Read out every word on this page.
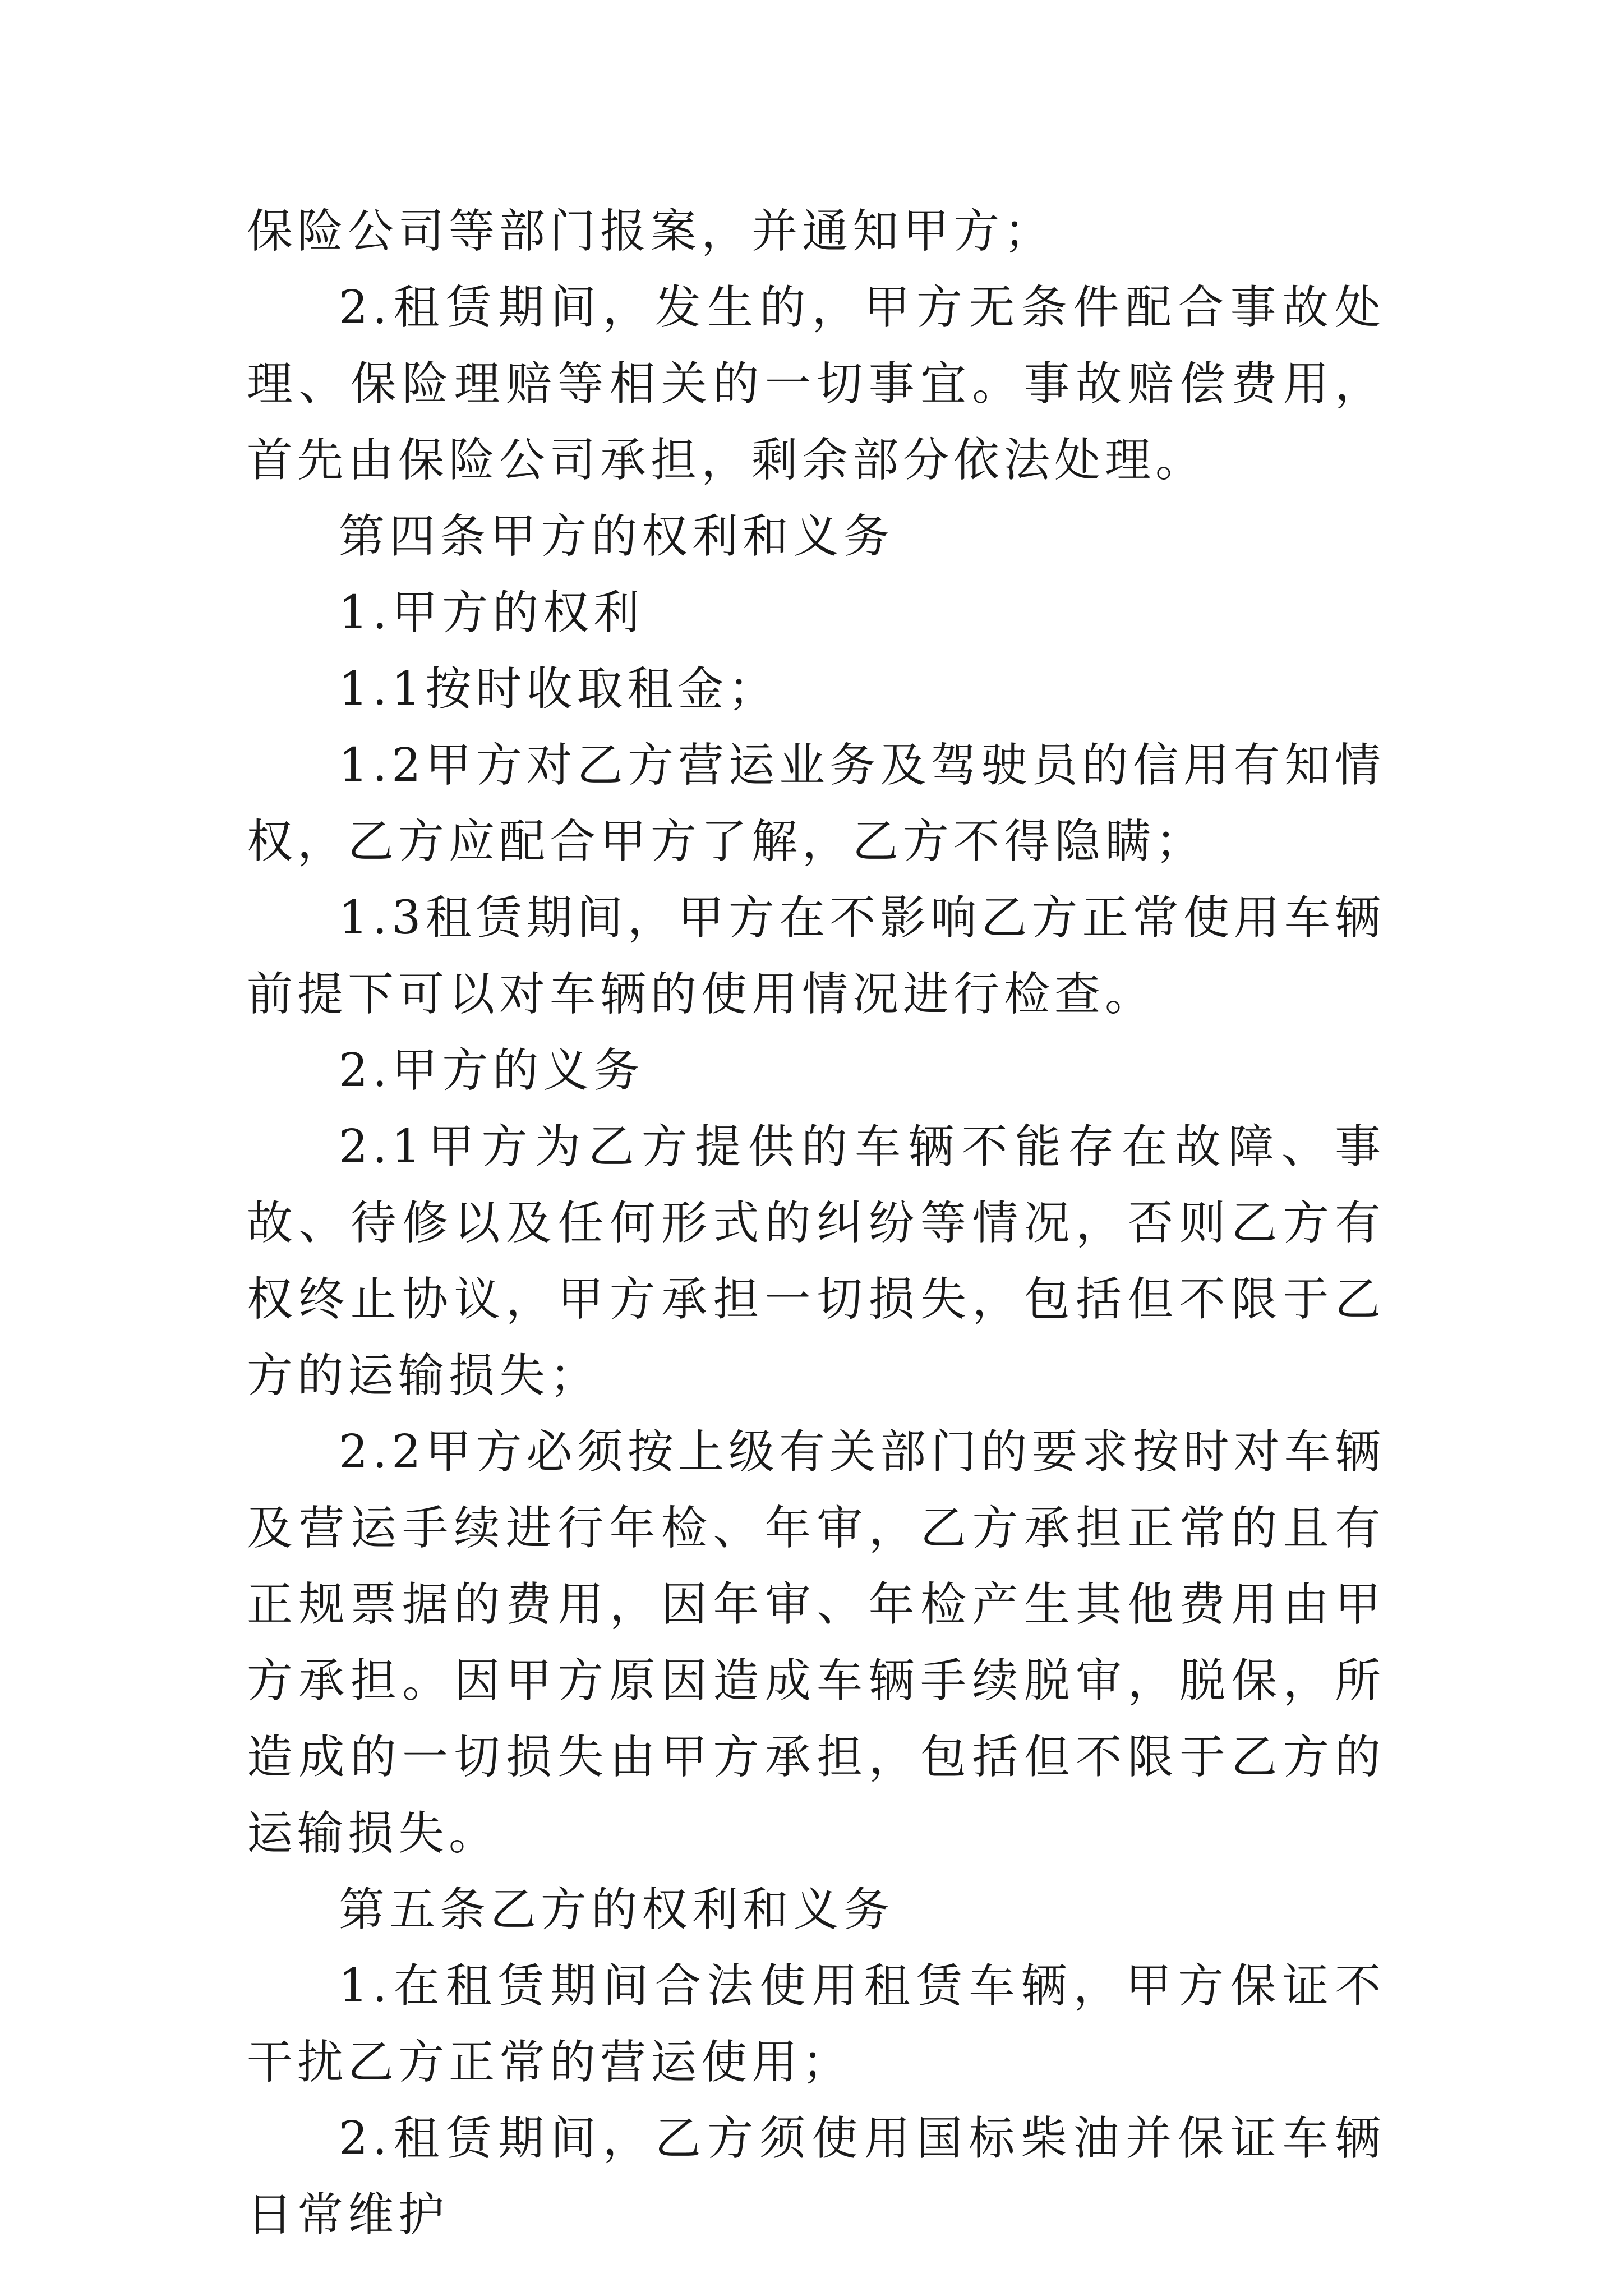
保险公司等部门报案，并通知甲方；

2.租赁期间，发生的，甲方无条件配合事故处理、保险理赔等相关的一切事宜。事故赔偿费用，首先由保险公司承担，剩余部分依法处理。

第四条甲方的权利和义务

1.甲方的权利

1.1按时收取租金；

1.2甲方对乙方营运业务及驾驶员的信用有知情权，乙方应配合甲方了解，乙方不得隐瞒；

1.3租赁期间，甲方在不影响乙方正常使用车辆前提下可以对车辆的使用情况进行检查。

2.甲方的义务

2.1甲方为乙方提供的车辆不能存在故障、事故、待修以及任何形式的纠纷等情况，否则乙方有权终止协议，甲方承担一切损失，包括但不限于乙方的运输损失；

2.2甲方必须按上级有关部门的要求按时对车辆及营运手续进行年检、年审，乙方承担正常的且有正规票据的费用，因年审、年检产生其他费用由甲方承担。因甲方原因造成车辆手续脱审，脱保，所造成的一切损失由甲方承担，包括但不限于乙方的运输损失。

第五条乙方的权利和义务

1.在租赁期间合法使用租赁车辆，甲方保证不干扰乙方正常的营运使用；

2.租赁期间，乙方须使用国标柴油并保证车辆日常维护
